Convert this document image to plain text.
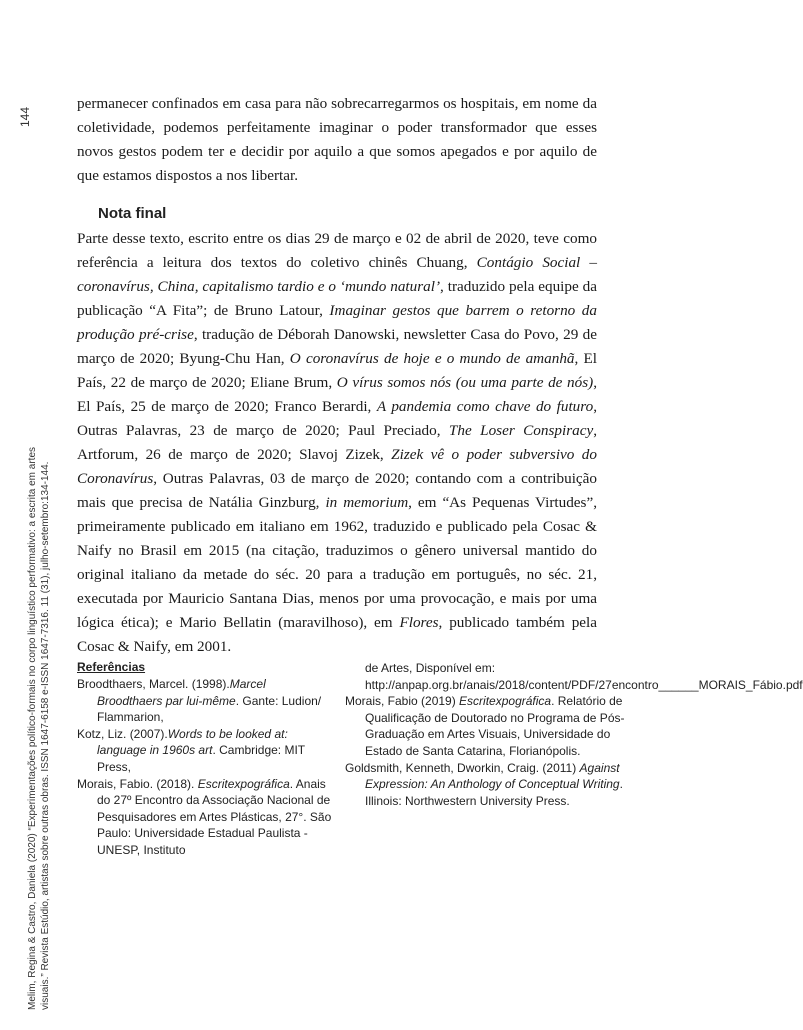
144
Melim, Regina & Castro, Daniela (2020) “Experimentações político-formais no corpo linguístico performativo: a escrita em artes visuais.” Revista Estúdio, artistas sobre outras obras. ISSN 1647-6158 e-ISSN 1647-7316. 11 (31), julho-setembro:134-144.

permanecer confinados em casa para não sobrecarregarmos os hospitais, em nome da coletividade, podemos perfeitamente imaginar o poder transformador que esses novos gestos podem ter e decidir por aquilo a que somos apegados e por aquilo de que estamos dispostos a nos libertar.

Nota final

Parte desse texto, escrito entre os dias 29 de março e 02 de abril de 2020, teve como referência a leitura dos textos do coletivo chinês Chuang, Contágio Social – coronavírus, China, capitalismo tardio e o ‘mundo natural’, traduzido pela equipe da publicação “A Fita”; de Bruno Latour, Imaginar gestos que barrem o retorno da produção pré-crise, tradução de Déborah Danowski, newsletter Casa do Povo, 29 de março de 2020; Byung-Chu Han, O coronavírus de hoje e o mundo de amanhã, El País, 22 de março de 2020; Eliane Brum, O vírus somos nós (ou uma parte de nós), El País, 25 de março de 2020; Franco Berardi, A pandemia como chave do futuro, Outras Palavras, 23 de março de 2020; Paul Preciado, The Loser Conspiracy, Artforum, 26 de março de 2020; Slavoj Zizek, Zizek vê o poder subversivo do Coronavírus, Outras Palavras, 03 de março de 2020; contando com a contribuição mais que precisa de Natália Ginzburg, in memorium, em “As Pequenas Virtudes”, primeiramente publicado em italiano em 1962, traduzido e publicado pela Cosac & Naify no Brasil em 2015 (na citação, traduzimos o gênero universal mantido do original italiano da metade do séc. 20 para a tradução em português, no séc. 21, executada por Mauricio Santana Dias, menos por uma provocação, e mais por uma lógica ética); e Mario Bellatin (maravilhoso), em Flores, publicado também pela Cosac & Naify, em 2001.

Referências

Broodthaers, Marcel. (1998).Marcel Broodthaers par lui-même. Gante: Ludion/ Flammarion,

Kotz, Liz. (2007).Words to be looked at: language in 1960s art. Cambridge: MIT Press,

Morais, Fabio. (2018). Escritexpográfica. Anais do 27º Encontro da Associação Nacional de Pesquisadores em Artes Plásticas, 27°. São Paulo: Universidade Estadual Paulista - UNESP, Instituto

de Artes, Disponível em: http://anpap.org.br/anais/2018/content/PDF/27encontro______MORAIS_Fábio.pdf

Morais, Fabio (2019) Escritexpográfica. Relatório de Qualificação de Doutorado no Programa de Pós- Graduação em Artes Visuais, Universidade do Estado de Santa Catarina, Florianópolis.

Goldsmith, Kenneth, Dworkin, Craig. (2011) Against Expression: An Anthology of Conceptual Writing. Illinois: Northwestern University Press.
